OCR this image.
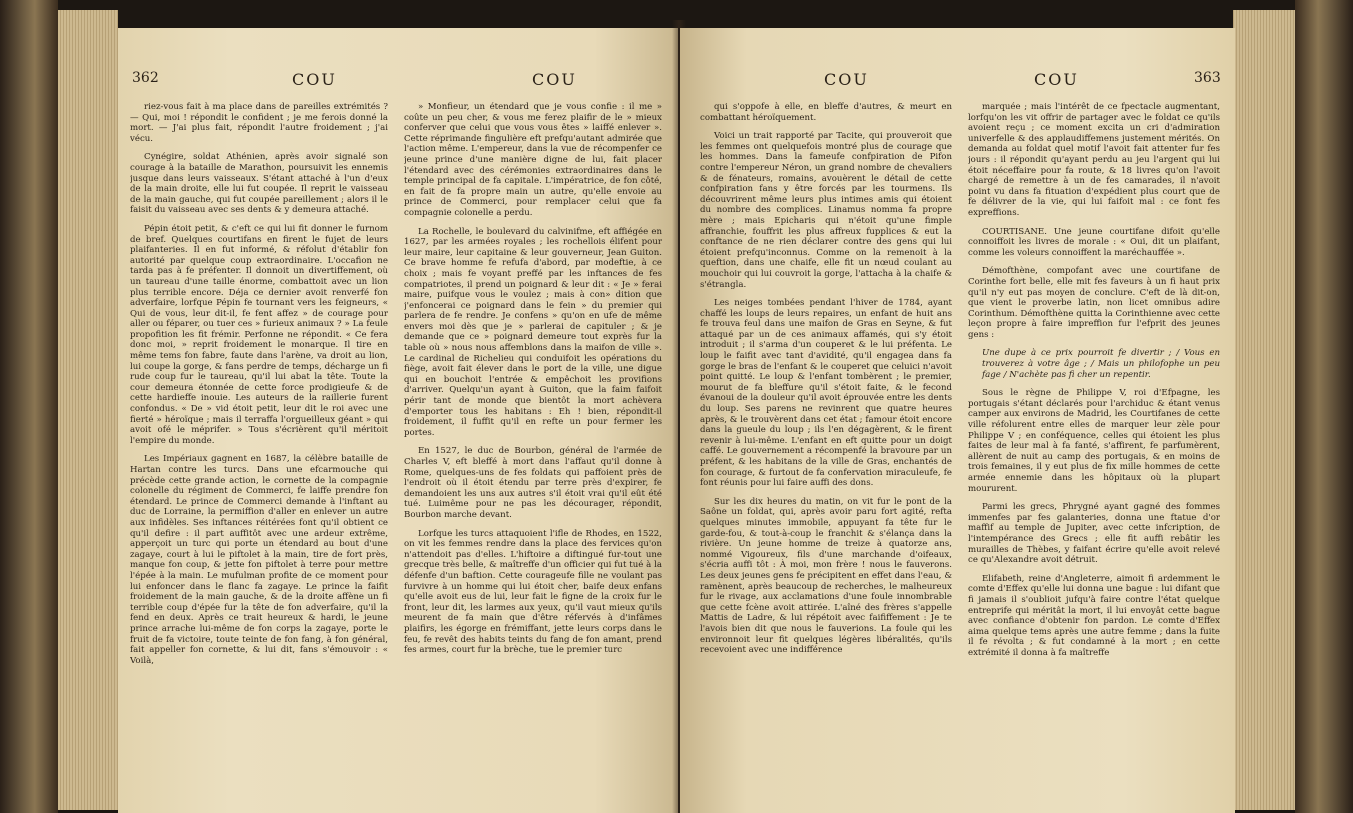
362	COU	COU

riez-vous fait à ma place dans de pareilles extrémités ? — Qui, moi ! répondit le confident ; je me ferois donné la mort. — J'ai plus fait, répondit l'autre froidement ; j'ai vécu.

Cynégire, soldat Athénien, après avoir signalé son courage à la bataille de Marathon, poursuivit les ennemis jusque dans leurs vaisseaux. S'étant attaché à l'un d'eux de la main droite, elle lui fut coupée. Il reprit le vaisseau de la main gauche, qui fut coupée pareillement ; alors il le faisit du vaisseau avec ses dents & y demeura attaché.

Pépin étoit petit, & c'eft ce qui lui fit donner le furnom de bref. Quelques courtifans en firent le fujet de leurs plaifanteries. Il en fut informé, & réfolut d'établir fon autorité par quelque coup extraordinaire. L'occafion ne tarda pas à fe préfenter. Il donnoit un divertiffement, où un taureau d'une taille énorme, combattoit avec un lion plus terrible encore. Déja ce dernier avoit renverfé fon adverfaire, lorfque Pépin fe tournant vers les feigneurs, « Qui de vous, leur dit-il, fe fent affez » de courage pour aller ou féparer, ou tuer ces » furieux animaux ? » La feule propofition les fit frémir. Perfonne ne répondit. « Ce fera donc moi, » reprit froidement le monarque. Il tire en même tems fon fabre, faute dans l'arène, va droit au lion, lui coupe la gorge, & fans perdre de temps, décharge un fi rude coup fur le taureau, qu'il lui abat la tête. Toute la cour demeura étonnée de cette force prodigieufe & de cette hardieffe inouie. Les auteurs de la raillerie furent confondus. « De » vid étoit petit, leur dit le roi avec une fierté » héroïque ; mais il terraffa l'orgueilleux géant » qui avoit ofé le méprifer. » Tous s'écrièrent qu'il méritoit l'empire du monde.

Les Impériaux gagnent en 1687, la célèbre bataille de Hartan contre les turcs. Dans une efcarmouche qui précède cette grande action, le cornette de la compagnie colonelle du régiment de Commerci, fe laiffe prendre fon étendard. Le prince de Commerci demande à l'inftant au duc de Lorraine, la permiffion d'aller en enlever un autre aux infidèles. Ses inftances réitérées font qu'il obtient ce qu'il defire : il part auffitôt avec une ardeur extrême, apperçoit un turc qui porte un étendard au bout d'une zagaye, court à lui le piftolet à la main, tire de fort près, manque fon coup, & jette fon piftolet à terre pour mettre l'épée à la main. Le mufulman profite de ce moment pour lui enfoncer dans le flanc fa zagaye. Le prince la faifit froidement de la main gauche, & de la droite affène un fi terrible coup d'épée fur la tête de fon adverfaire, qu'il la fend en deux. Après ce trait heureux & hardi, le jeune prince arrache lui-même de fon corps la zagaye, porte le fruit de fa victoire, toute teinte de fon fang, à fon général, fait appeller fon cornette, & lui dit, fans s'émouvoir : « Voilà,

» Monfieur, un étendard que je vous confie : il me » coûte un peu cher, & vous me ferez plaifir de le » mieux conferver que celui que vous vous êtes » laiffé enlever ». Cette réprimande fingulière eft prefqu'autant admirée que l'action même. L'empereur, dans la vue de récompenfer ce jeune prince d'une manière digne de lui, fait placer l'étendard avec des cérémonies extraordinaires dans le temple principal de fa capitale. L'impératrice, de fon côté, en fait de fa propre main un autre, qu'elle envoie au prince de Commerci, pour remplacer celui que fa compagnie colonelle a perdu.

La Rochelle, le boulevard du calvinifme, eft affiégée en 1627, par les armées royales ; les rochellois élifent pour leur maire, leur capitaine & leur gouverneur, Jean Guiton. Ce brave homme fe refufa d'abord, par modeftie, à ce choix ; mais fe voyant preffé par les inftances de fes compatriotes, il prend un poignard & leur dit : « Je » ferai maire, puifque vous le voulez ; mais à con» dition que j'enfoncerai ce poignard dans le fein » du premier qui parlera de fe rendre. Je confens » qu'on en ufe de même envers moi dès que je » parlerai de capituler ; & je demande que ce » poignard demeure tout exprès fur la table où » nous nous affemblons dans la maifon de ville ». Le cardinal de Richelieu qui conduifoit les opérations du fiège, avoit fait élever dans le port de la ville, une digue qui en bouchoit l'entrée & empêchoit les provifions d'arriver. Quelqu'un ayant à Guiton, que la faim faifoit périr tant de monde que bientôt la mort achèvera d'emporter tous les habitans : Eh ! bien, répondit-il froidement, il fuffit qu'il en refte un pour fermer les portes.

En 1527, le duc de Bourbon, général de l'armée de Charles V, eft bleffé à mort dans l'affaut qu'il donne à Rome, quelques-uns de fes foldats qui paffoient près de l'endroit où il étoit étendu par terre près d'expirer, fe demandoient les uns aux autres s'il étoit vrai qu'il eût été tué. Luimême pour ne pas les décourager, répondit, Bourbon marche devant.

Lorfque les turcs attaquoient l'ifle de Rhodes, en 1522, on vit les femmes rendre dans la place des fervices qu'on n'attendoit pas d'elles. L'hiftoire a diftingué fur-tout une grecque très belle, & maîtreffe d'un officier qui fut tué à la défenfe d'un baftion. Cette courageufe fille ne voulant pas furvivre à un homme qui lui étoit cher, baife deux enfans qu'elle avoit eus de lui, leur fait le figne de la croix fur le front, leur dit, les larmes aux yeux, qu'il vaut mieux qu'ils meurent de fa main que d'être réfervés à d'infâmes plaifirs, les égorge en frémiffant, jette leurs corps dans le feu, fe revêt des habits teints du fang de fon amant, prend fes armes, court fur la brèche, tue le premier turc

COU	COU	363

qui s'oppofe à elle, en bleffe d'autres, & meurt en combattant héroïquement.

Voici un trait rapporté par Tacite, qui prouveroit que les femmes ont quelquefois montré plus de courage que les hommes. Dans la fameufe confpiration de Pifon contre l'empereur Néron, un grand nombre de chevaliers & de fénateurs, romains, avouèrent le détail de cette confpiration fans y être forcés par les tourmens. Ils découvrirent même leurs plus intimes amis qui étoient du nombre des complices. Linamus nomma fa propre mère ; mais Epicharis qui n'étoit qu'une fimple affranchie, fouffrit les plus affreux fupplices & eut la conftance de ne rien déclarer contre des gens qui lui étoient prefqu'inconnus. Comme on la remenoit à la queftion, dans une chaife, elle fit un nœud coulant au mouchoir qui lui couvroit la gorge, l'attacha à la chaife & s'étrangla.

Les neiges tombées pendant l'hiver de 1784, ayant chaffé les loups de leurs repaires, un enfant de huit ans fe trouva feul dans une maifon de Gras en Seyne, & fut attaqué par un de ces animaux affamés, qui s'y étoit introduit ; il s'arma d'un couperet & le lui préfenta. Le loup le faifit avec tant d'avidité, qu'il engagea dans fa gorge le bras de l'enfant & le couperet que celuici n'avoit point quitté. Le loup & l'enfant tombèrent ; le premier, mourut de fa bleffure qu'il s'étoit faite, & le fecond évanoui de la douleur qu'il avoit éprouvée entre les dents du loup. Ses parens ne revinrent que quatre heures après, & le trouvèrent dans cet état ; famour étoit encore dans la gueule du loup ; ils l'en dégagèrent, & le firent revenir à lui-même. L'enfant en eft quitte pour un doigt caffé. Le gouvernement a récompenfé la bravoure par un préfent, & les habitans de la ville de Gras, enchantés de fon courage, & furtout de fa confervation miraculeufe, fe font réunis pour lui faire auffi des dons.

Sur les dix heures du matin, on vit fur le pont de la Saône un foldat, qui, après avoir paru fort agité, refta quelques minutes immobile, appuyant fa tête fur le garde-fou, & tout-à-coup le franchit & s'élança dans la rivière. Un jeune homme de treize à quatorze ans, nommé Vigoureux, fils d'une marchande d'oifeaux, s'écria auffi tôt : À moi, mon frère ! nous le fauverons. Les deux jeunes gens fe précipitent en effet dans l'eau, & ramènent, après beaucoup de recherches, le malheureux fur le rivage, aux acclamations d'une foule innombrable que cette fcène avoit attirée. L'aîné des frères s'appelle Mattis de Ladre, & lui répétoit avec faififfement : Je te l'avois bien dit que nous le fauverions. La foule qui les environnoit leur fit quelques légères libéralités, qu'ils recevoient avec une indifférence

marquée ; mais l'intérêt de ce fpectacle augmentant, lorfqu'on les vit offrir de partager avec le foldat ce qu'ils avoient reçu ; ce moment excita un cri d'admiration univerfelle & des applaudiffemens justement mérités. On demanda au foldat quel motif l'avoit fait attenter fur fes jours : il répondit qu'ayant perdu au jeu l'argent qui lui étoit néceffaire pour fa route, & 18 livres qu'on l'avoit chargé de remettre à un de fes camarades, il n'avoit point vu dans fa fituation d'expédient plus court que de fe délivrer de la vie, qui lui faifoit mal : ce font fes expreffions.

COURTISANE. Une jeune courtifane difoit qu'elle connoiffoit les livres de morale : « Oui, dit un plaifant, comme les voleurs connoiffent la maréchauffée ».

Démofthène, compofant avec une courtifane de Corinthe fort belle, elle mit fes faveurs à un fi haut prix qu'il n'y eut pas moyen de conclure. C'eft de là dit-on, que vient le proverbe latin, non licet omnibus adire Corinthum. Démofthène quitta la Corinthienne avec cette leçon propre à faire impreffion fur l'efprit des jeunes gens :

Une dupe à ce prix pourroit fe divertir ; / Vous en trouverez à votre âge ; / Mais un philofophe un peu fage / N'achète pas fi cher un repentir.

Sous le règne de Philippe V, roi d'Efpagne, les portugais s'étant déclarés pour l'archiduc & étant venus camper aux environs de Madrid, les Courtifanes de cette ville réfolurent entre elles de marquer leur zèle pour Philippe V ; en conféquence, celles qui étoient les plus faites de leur mal à fa fanté, s'affirent, fe parfumèrent, allèrent de nuit au camp des portugais, & en moins de trois femaines, il y eut plus de fix mille hommes de cette armée ennemie dans les hôpitaux où la plupart moururent.

Parmi les grecs, Phrygné ayant gagné des fommes immenfes par fes galanteries, donna une ftatue d'or maffif au temple de Jupiter, avec cette infcription, de l'intempérance des Grecs ; elle fit auffi rebâtir les murailles de Thèbes, y faifant écrire qu'elle avoit relevé ce qu'Alexandre avoit détruit.

Elifabeth, reine d'Angleterre, aimoit fi ardemment le comte d'Effex qu'elle lui donna une bague : lui difant que fi jamais il s'oublioit jufqu'à faire contre l'état quelque entreprife qui méritât la mort, il lui envoyât cette bague avec confiance d'obtenir fon pardon. Le comte d'Effex aima quelque tems après une autre femme ; dans la fuite il fe révolta ; & fut condamné à la mort ; en cette extrémité il donna à fa maîtreffe
